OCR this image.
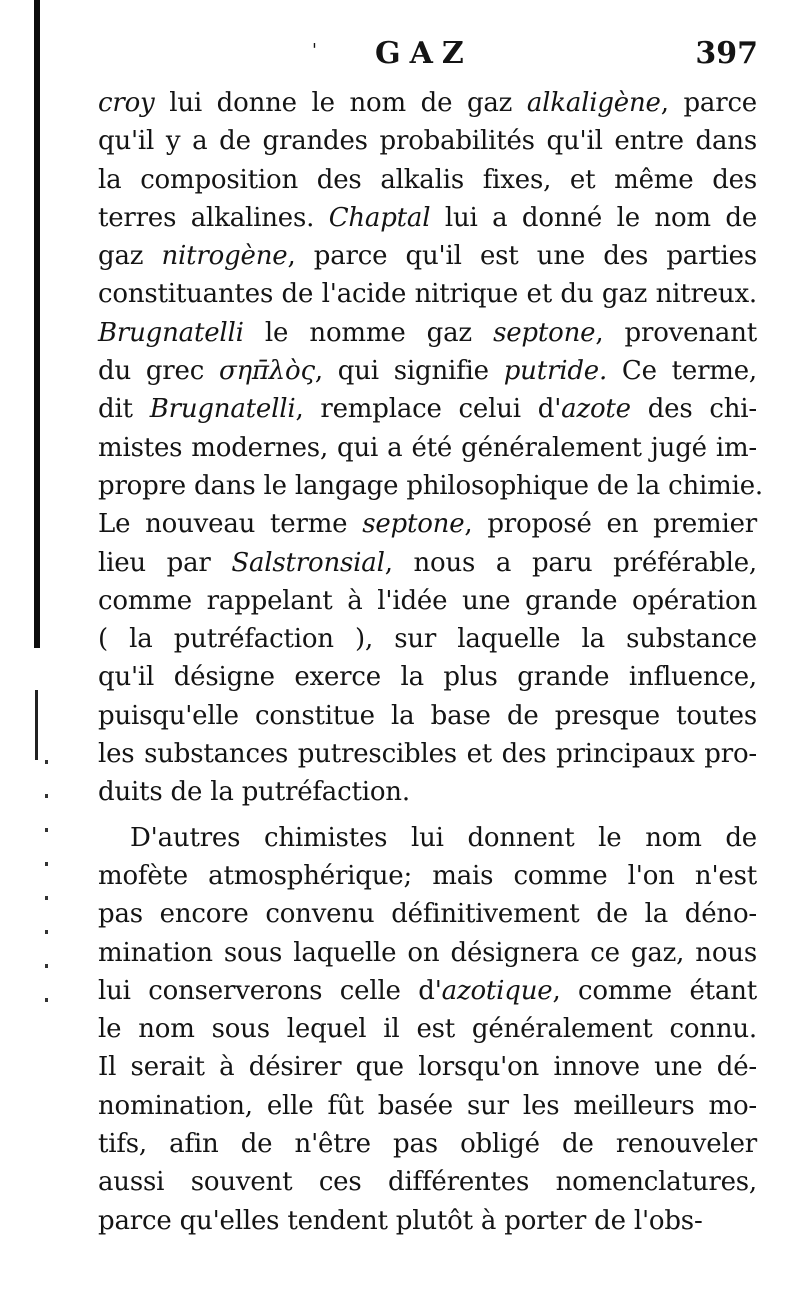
' GAZ	397
croy lui donne le nom de gaz alkaligène, parce
qu'il y a de grandes probabilités qu'il entre dans
la composition des alkalis fixes, et même des
terres alkalines. Chaptal lui a donné le nom de
gaz nitrogène, parce qu'il est une des parties
constituantes de l'acide nitrique et du gaz nitreux.
Brugnatelli le nomme gaz septone, provenant
du grec σηπ̄λὸς, qui signifie putride. Ce terme,
dit Brugnatelli, remplace celui d'azote des chi-
mistes modernes, qui a été généralement jugé im-
propre dans le langage philosophique de la chimie.
Le nouveau terme septone, proposé en premier
lieu par Salstronsial, nous a paru préférable,
comme rappelant à l'idée une grande opération
( la putréfaction ), sur laquelle la substance
qu'il désigne exerce la plus grande influence,
puisqu'elle constitue la base de presque toutes
les substances putrescibles et des principaux pro-
duits de la putréfaction.
D'autres chimistes lui donnent le nom de
mofète atmosphérique; mais comme l'on n'est
pas encore convenu définitivement de la déno-
mination sous laquelle on désignera ce gaz, nous
lui conserverons celle d'azotique, comme étant
le nom sous lequel il est généralement connu.
Il serait à désirer que lorsqu'on innove une dé-
nomination, elle fût basée sur les meilleurs mo-
tifs, afin de n'être pas obligé de renouveler
aussi souvent ces différentes nomenclatures,
parce qu'elles tendent plutôt à porter de l'obs-
